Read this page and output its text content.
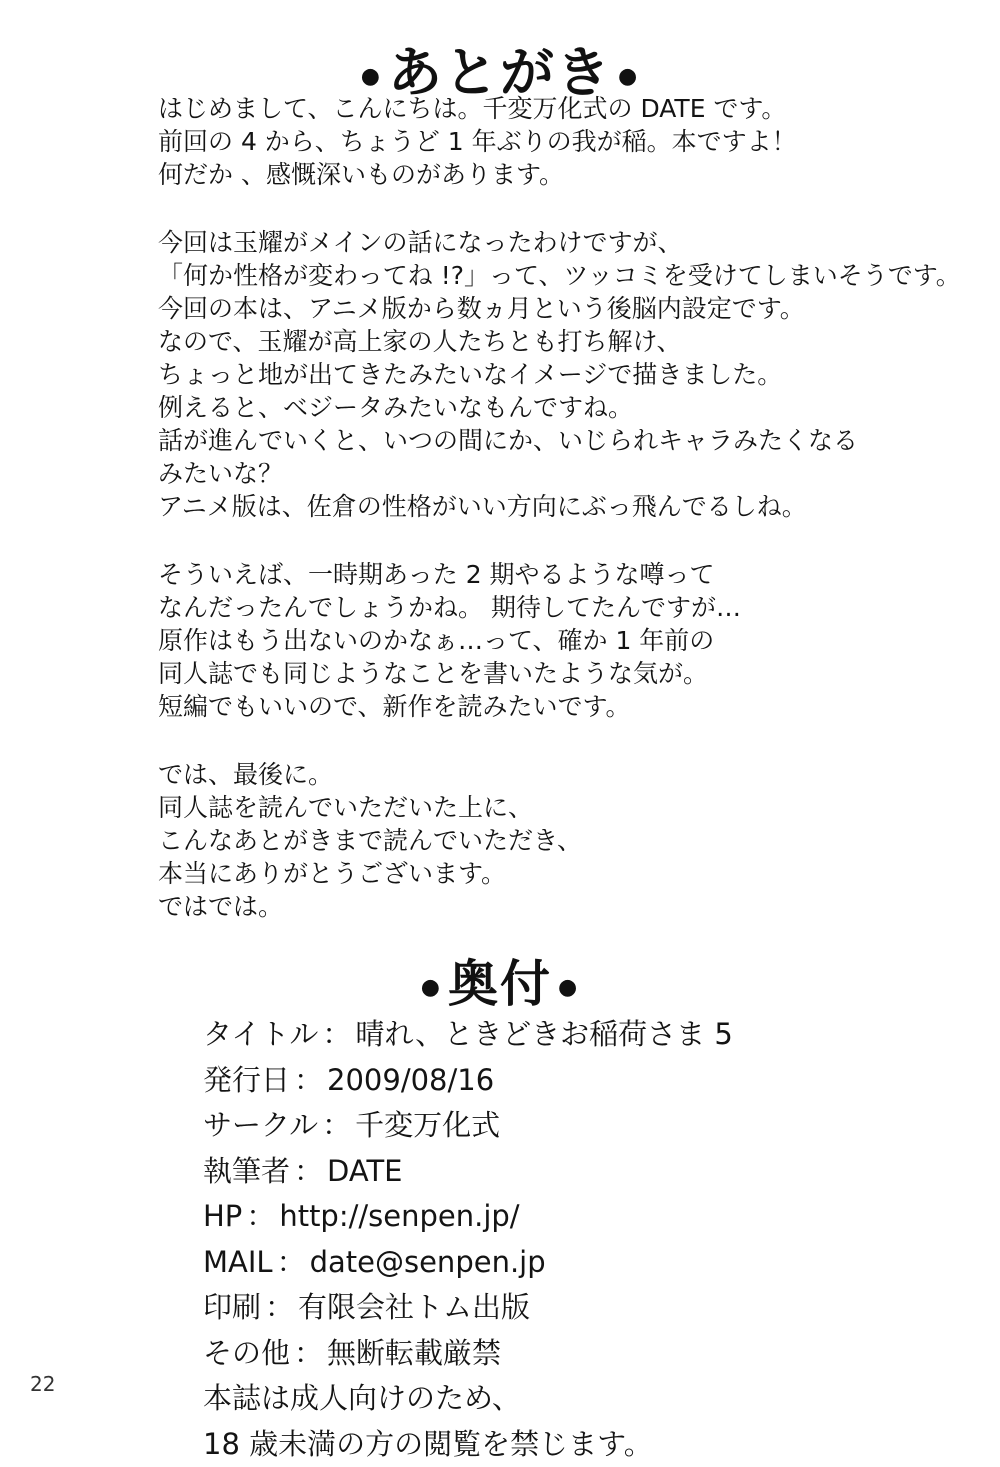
● あとがき ●

はじめまして、こんにちは。千変万化式の DATE です。
前回の 4 から、ちょうど 1 年ぶりの我が稲。本ですよ！
何だか 、感慨深いものがあります。

今回は玉耀がメインの話になったわけですが、
「何か性格が変わってね !?」って、ツッコミを受けてしまいそうです。
今回の本は、アニメ版から数ヵ月という後脳内設定です。
なので、玉耀が高上家の人たちとも打ち解け、
ちょっと地が出てきたみたいなイメージで描きました。
例えると、ベジータみたいなもんですね。
話が進んでいくと、いつの間にか、いじられキャラみたくなる
みたいな？
アニメ版は、佐倉の性格がいい方向にぶっ飛んでるしね。

そういえば、一時期あった 2 期やるような噂って
なんだったんでしょうかね。 期待してたんですが…
原作はもう出ないのかなぁ…って、確か 1 年前の
同人誌でも同じようなことを書いたような気が。
短編でもいいので、新作を読みたいです。

では、最後に。
同人誌を読んでいただいた上に、
こんなあとがきまで読んでいただき、
本当にありがとうございます。
ではでは。

● 奥付 ●
タイトル ： 晴れ、ときどきお稲荷さま 5
発行日 ： 2009/08/16
サークル ： 千変万化式
執筆者 ： DATE
HP ： http://senpen.jp/
MAIL ： date@senpen.jp
印刷 ： 有限会社トム出版
その他 ： 無断転載厳禁
本誌は成人向けのため、
18 歳未満の方の閲覧を禁じます。
22
